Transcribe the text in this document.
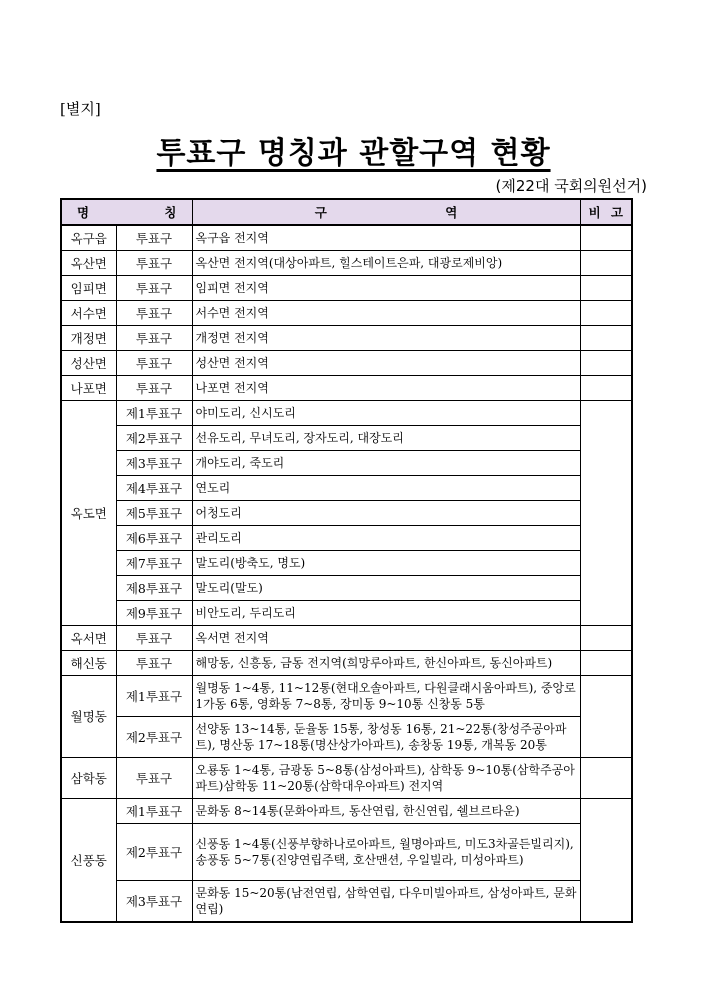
[별지]
투표구 명칭과 관할구역 현황
(제22대 국회의원선거)
명 칭		구 역	비 고

옥구읍	투표구	옥구읍 전지역	
옥산면	투표구	옥산면 전지역(대상아파트, 힐스테이트은파, 대광로제비앙)	
임피면	투표구	임피면 전지역	
서수면	투표구	서수면 전지역	
개정면	투표구	개정면 전지역	
성산면	투표구	성산면 전지역	
나포면	투표구	나포면 전지역	
옥도면	제1투표구	야미도리, 신시도리	
	제2투표구	선유도리, 무녀도리, 장자도리, 대장도리	
	제3투표구	개야도리, 죽도리	
	제4투표구	연도리	
	제5투표구	어청도리	
	제6투표구	관리도리	
	제7투표구	말도리(방축도, 명도)	
	제8투표구	말도리(말도)	
	제9투표구	비안도리, 두리도리	
옥서면	투표구	옥서면 전지역	
해신동	투표구	해망동, 신흥동, 금동 전지역(희망루아파트, 한신아파트, 동신아파트)	
월명동	제1투표구	월명동 1~4통, 11~12통(현대오솔아파트, 다원클래시움아파트), 중앙로1가동 6통, 영화동 7~8통, 장미동 9~10통 신창동 5통	
	제2투표구	선양동 13~14통, 둔율동 15통, 창성동 16통, 21~22통(창성주공아파트), 명산동 17~18통(명산상가아파트), 송창동 19통, 개복동 20통	
삼학동	투표구	오룡동 1~4통, 금광동 5~8통(삼성아파트), 삼학동 9~10통(삼학주공아파트)삼학동 11~20통(삼학대우아파트) 전지역	
신풍동	제1투표구	문화동 8~14통(문화아파트, 동산연립, 한신연립, 쉘브르타운)	
	제2투표구	신풍동 1~4통(신풍부향하나로아파트, 월명아파트, 미도3차골든빌리지), 송풍동 5~7통(진양연립주택, 호산맨션, 우일빌라, 미성아파트)	
	제3투표구	문화동 15~20통(남전연립, 삼학연립, 다우미빌아파트, 삼성아파트, 문화연립)	
